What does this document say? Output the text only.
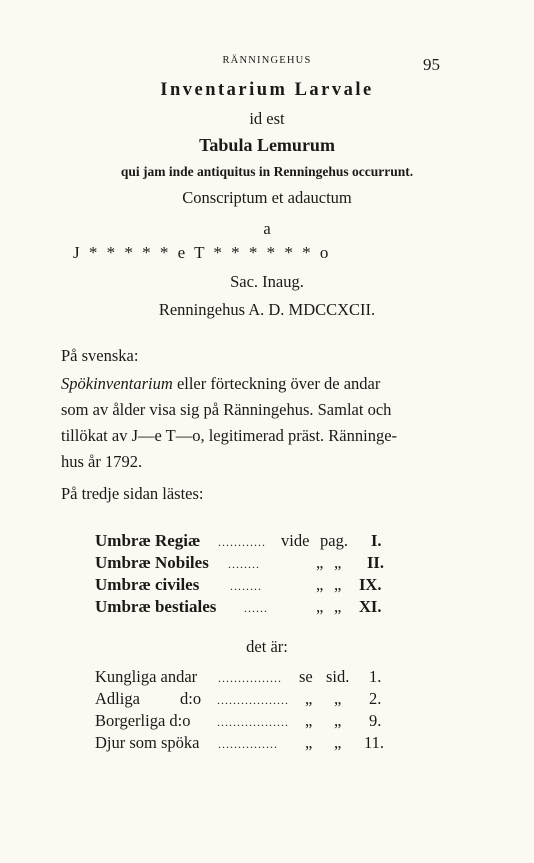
RÄNNINGEHUS	95
Inventarium Larvale
id est
Tabula Lemurum
qui jam inde antiquitus in Renningehus occurrunt.
Conscriptum et adauctum
a
J * * * * * e T * * * * * * o
Sac. Inaug.
Renningehus A. D. MDCCXCII.
På svenska:
Spökinventarium eller förteckning över de andar
som av ålder visa sig på Ränningehus. Samlat och
tillökat av J—e T—o, legitimerad präst. Ränninge-
hus år 1792.
På tredje sidan lästes:
Umbræ Regiæ ............ vide pag. I.
Umbræ Nobiles ........	„ „ II.
Umbræ civiles	........	„ „ IX.
Umbræ bestiales ......	„ „ XI.
det är:
Kungliga andar ................ se sid. 1.
Adliga d:o .................. „ „ 2.
Borgerliga d:o .................. „ „ 9.
Djur som spöka ............... „ „ 11.
